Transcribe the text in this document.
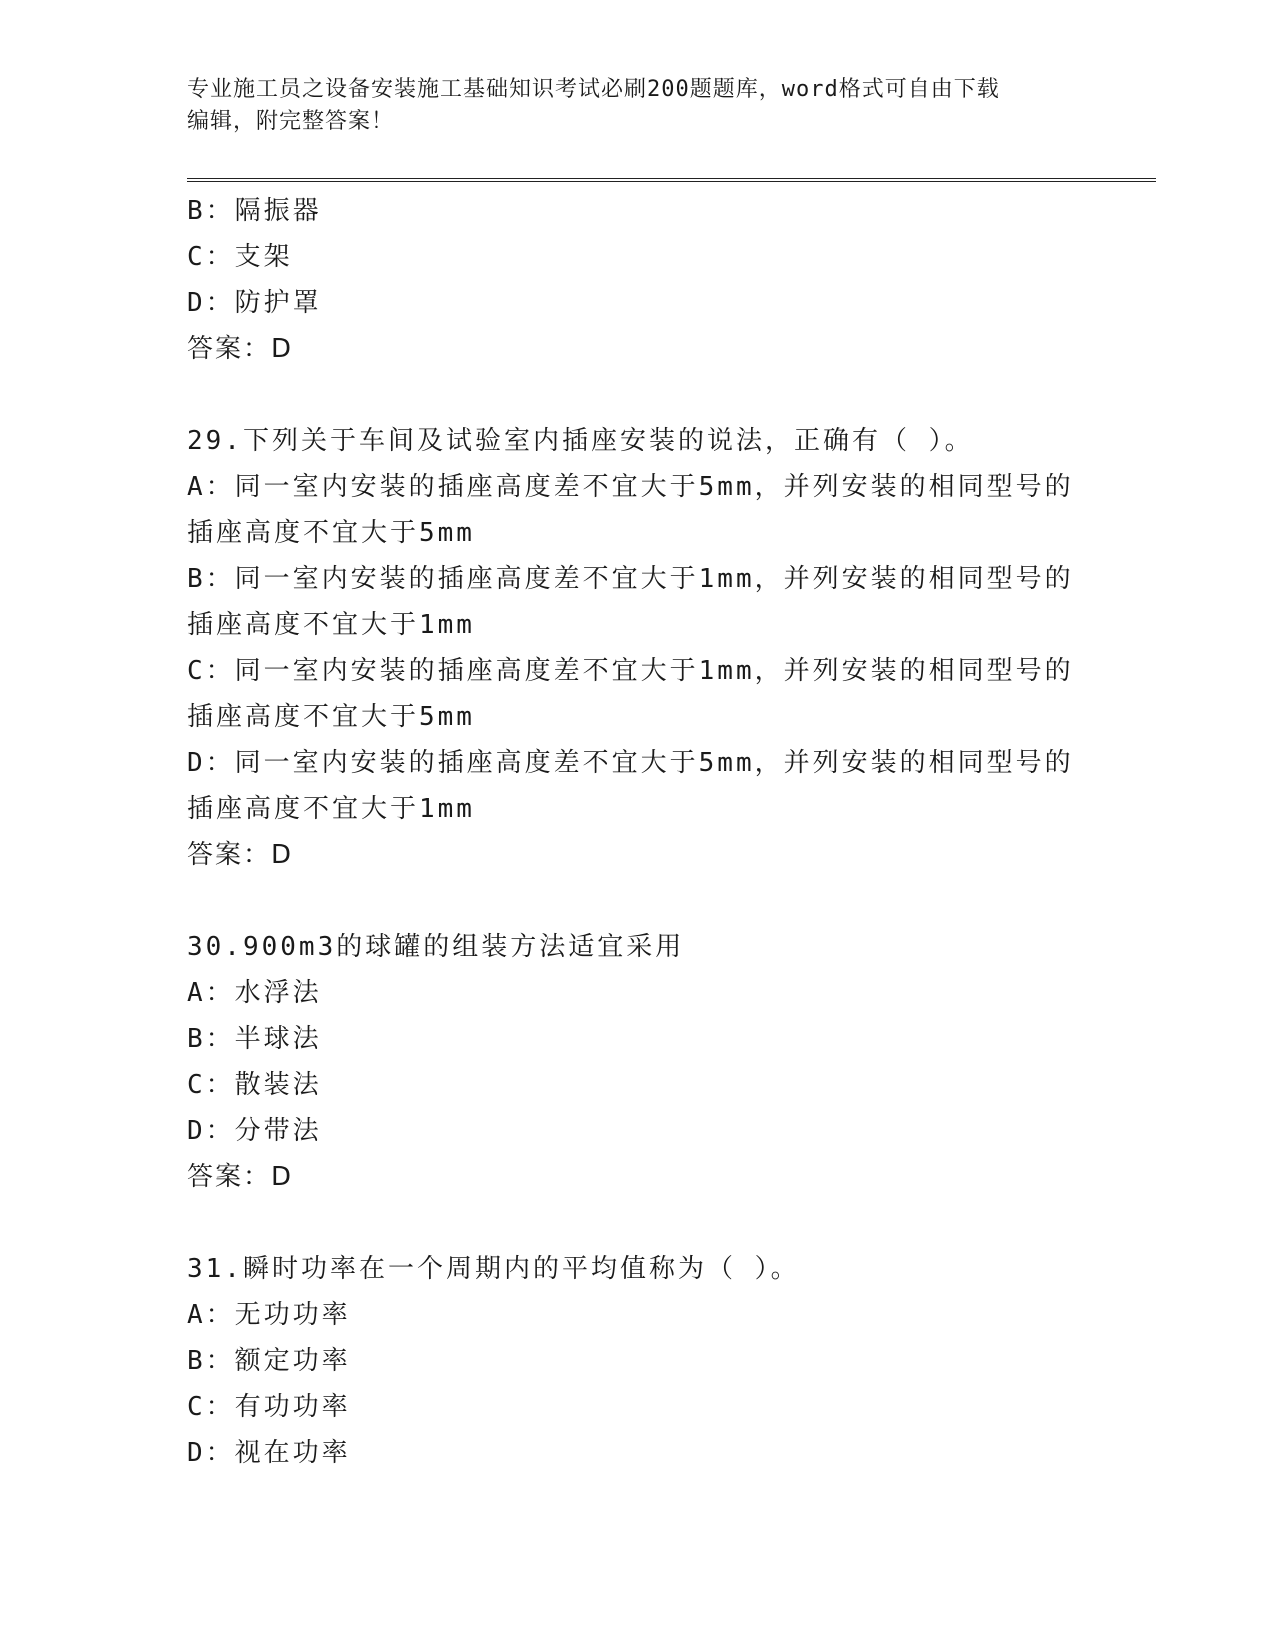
专业施工员之设备安装施工基础知识考试必刷200题题库，word格式可自由下载
编辑，附完整答案！
B：隔振器
C：支架
D：防护罩
答案：D
29.下列关于车间及试验室内插座安装的说法，正确有（ ）。
A：同一室内安装的插座高度差不宜大于5mm，并列安装的相同型号的
插座高度不宜大于5mm
B：同一室内安装的插座高度差不宜大于1mm，并列安装的相同型号的
插座高度不宜大于1mm
C：同一室内安装的插座高度差不宜大于1mm，并列安装的相同型号的
插座高度不宜大于5mm
D：同一室内安装的插座高度差不宜大于5mm，并列安装的相同型号的
插座高度不宜大于1mm
答案：D
30.900m3的球罐的组装方法适宜采用
A：水浮法
B：半球法
C：散装法
D：分带法
答案：D
31.瞬时功率在一个周期内的平均值称为（ ）。
A：无功功率
B：额定功率
C：有功功率
D：视在功率
